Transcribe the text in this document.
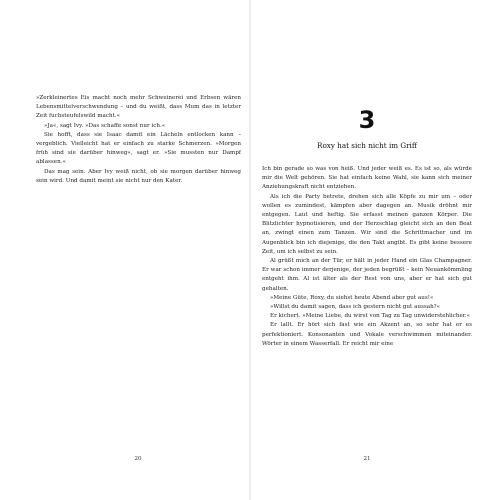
»Zerkleinertes Eis macht noch mehr Schweinerei und Erbsen wären Lebensmittelverschwendung – und du weißt, dass Mum das in letzter Zeit fuchsteufelswild macht.«

»Ja«, sagt Ivy. »Das schaffe sonst nur ich.«

Sie hofft, dass sie Isaac damit ein Lächeln entlocken kann – vergeblich. Vielleicht hat er einfach zu starke Schmerzen. »Morgen früh sind sie darüber hinweg«, sagt er. »Sie mussten nur Dampf ablassen.«

Das mag sein. Aber Ivy weiß nicht, ob sie morgen darüber hinweg sein wird. Und damit meint sie nicht nur den Kater.

20
3
Roxy hat sich nicht im Griff

Ich bin gerade so was von heiß. Und jeder weiß es. Es ist so, als würde mir die Welt gehören. Sie hat einfach keine Wahl, sie kann sich meiner Anziehungskraft nicht entziehen.

Als ich die Party betrete, drehen sich alle Köpfe zu mir um – oder wollen es zumindest, kämpfen aber dagegen an. Musik dröhnt mir entgegen. Laut und heftig. Sie erfasst meinen ganzen Körper. Die Blitzlichter hypnotisieren, und der Herzschlag gleicht sich an den Beat an, zwingt einen zum Tanzen. Wir sind die Schrittmacher und im Augenblick bin ich diejenige, die den Takt angibt. Es gibt keine bessere Zeit, um ich selbst zu sein.

Al grüßt mich an der Tür, er hält in jeder Hand ein Glas Champagner. Er war schon immer derjenige, der jeden begrüßt – kein Neuankömmling entgeht ihm. Al ist älter als der Rest von uns, aber er hat sich gut gehalten.

»Meine Güte, Roxy, du siehst heute Abend aber gut aus!«

»Willst du damit sagen, dass ich gestern nicht gut aussah?«

Er kichert. »Meine Liebe, du wirst von Tag zu Tag unwiderstehlicher.«

Er lallt. Er hört sich fast wie ein Akzent an, so sehr hat er es perfektioniert. Konsonanten und Vokale verschwimmen miteinander. Wörter in einem Wasserfall. Er reicht mir eine

21
